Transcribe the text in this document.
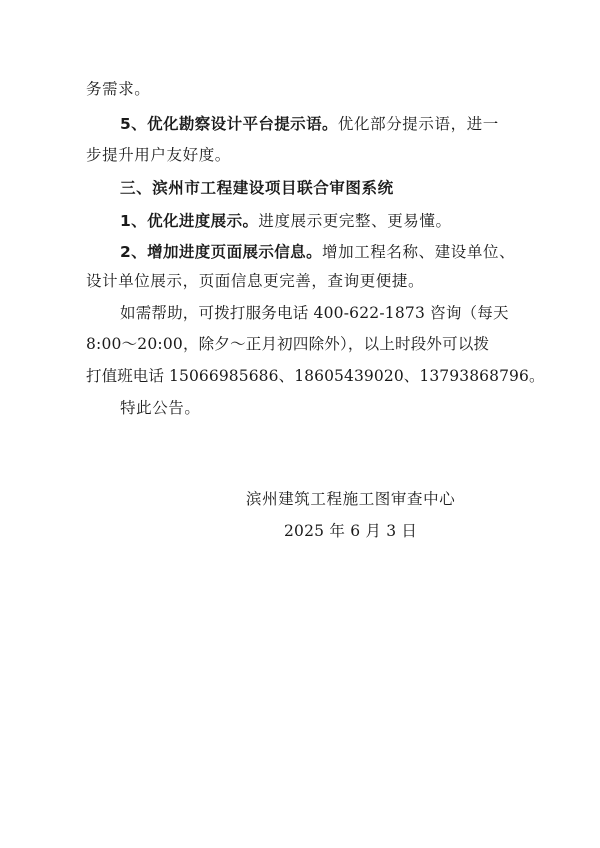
务需求。
5、优化勘察设计平台提示语。优化部分提示语，进一
步提升用户友好度。
三、滨州市工程建设项目联合审图系统
1、优化进度展示。进度展示更完整、更易懂。
2、增加进度页面展示信息。增加工程名称、建设单位、
设计单位展示，页面信息更完善，查询更便捷。
如需帮助，可拨打服务电话 400-622-1873 咨询（每天
8:00～20:00，除夕～正月初四除外），以上时段外可以拨
打值班电话 15066985686、18605439020、13793868796。
特此公告。
滨州建筑工程施工图审查中心
2025 年 6 月 3 日
